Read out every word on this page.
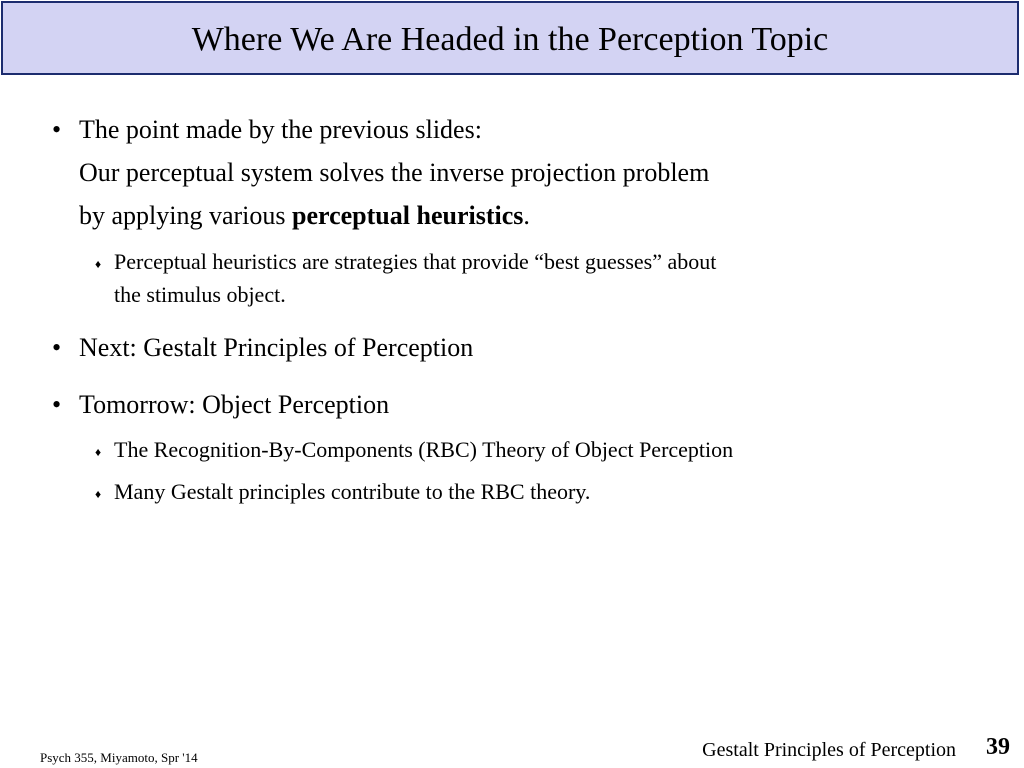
Where We Are Headed in the Perception Topic
• The point made by the previous slides:
Our perceptual system solves the inverse projection problem
by applying various perceptual heuristics.
♦ Perceptual heuristics are strategies that provide “best guesses” about
the stimulus object.
• Next: Gestalt Principles of Perception
• Tomorrow: Object Perception
♦ The Recognition-By-Components (RBC) Theory of Object Perception
♦ Many Gestalt principles contribute to the RBC theory.
Psych 355, Miyamoto, Spr '14	Gestalt Principles of Perception 39
